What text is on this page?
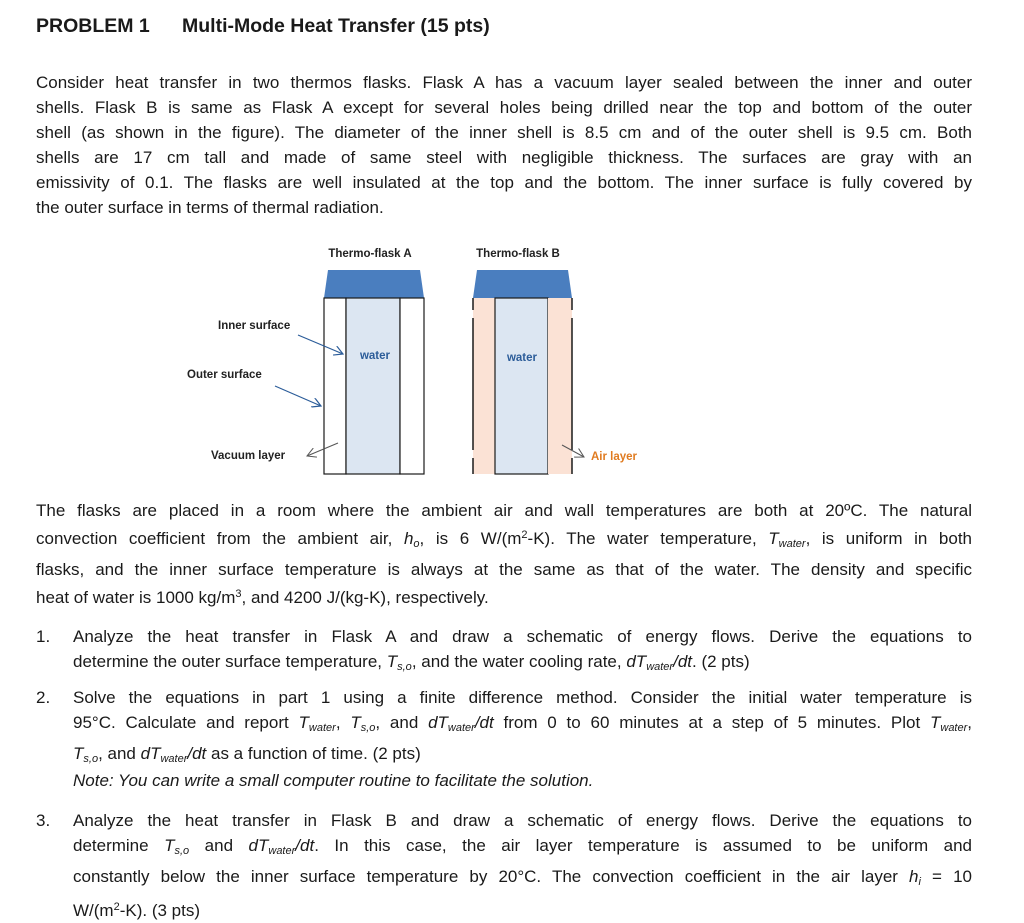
PROBLEM 1 Multi-Mode Heat Transfer (15 pts)
Consider heat transfer in two thermos flasks. Flask A has a vacuum layer sealed between the inner and outer
shells. Flask B is same as Flask A except for several holes being drilled near the top and bottom of the outer
shell (as shown in the figure). The diameter of the inner shell is 8.5 cm and of the outer shell is 9.5 cm. Both
shells are 17 cm tall and made of same steel with negligible thickness. The surfaces are gray with an
emissivity of 0.1. The flasks are well insulated at the top and the bottom. The inner surface is fully covered by
the outer surface in terms of thermal radiation.
Thermo-flask A
water
Thermo-flask B
water
Inner surface
Outer surface
Vacuum layer	Air layer
The flasks are placed in a room where the ambient air and wall temperatures are both at 20ºC. The natural
convection coefficient from the ambient air, $h_o$, is 6 $W/(m^2-K)$. The water temperature, $T_{water}$, is uniform in both
flasks, and the inner surface temperature is always at the same as that of the water. The density and specific
heat of water is 1000 $kg/m^3$, and 4200 J/(kg-K), respectively.
1. Analyze the heat transfer in Flask A and draw a schematic of energy flows. Derive the equations to
determine the outer surface temperature, $T_{s,o}$, and the water cooling rate, $dT_{water}/dt$. (2 pts)
2. Solve the equations in part 1 using a finite difference method. Consider the initial water temperature is
95°C. Calculate and report $T_{water}$, $T_{s,o}$, and $dT_{water}/dt$ from 0 to 60 minutes at a step of 5 minutes. Plot $T_{water}$,
$T_{s,o}$, and $dT_{water}/dt$ as a function of time. (2 pts)
Note: You can write a small computer routine to facilitate the solution.
3. Analyze the heat transfer in Flask B and draw a schematic of energy flows. Derive the equations to
determine $T_{s,o}$ and $dT_{water}/dt$. In this case, the air layer temperature is assumed to be uniform and
constantly below the inner surface temperature by 20°C. The convection coefficient in the air layer $h_i = 10$
$W/(m^2-K)$. (3 pts)
